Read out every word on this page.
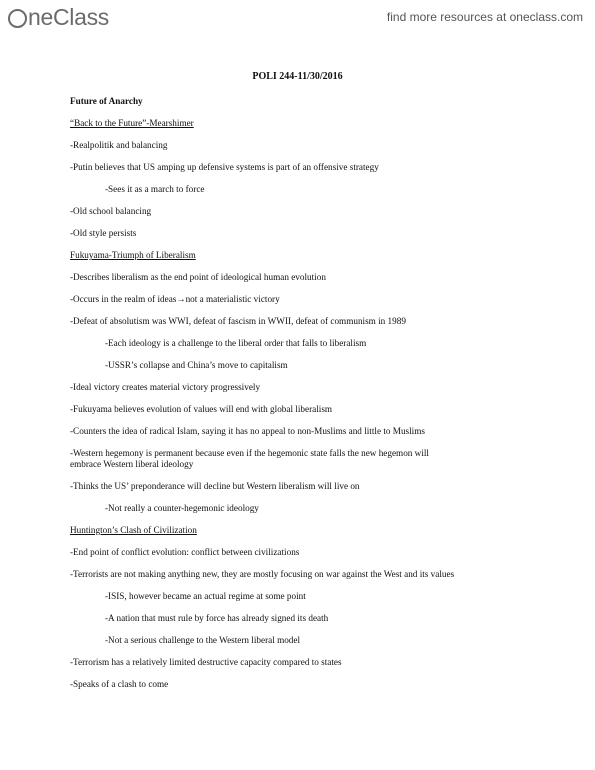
neClass	find more resources at oneclass.com
POLI 244-11/30/2016
Future of Anarchy
“Back to the Future”-Mearshimer
-Realpolitik and balancing
-Putin believes that US amping up defensive systems is part of an offensive strategy
-Sees it as a march to force
-Old school balancing
-Old style persists
Fukuyama-Triumph of Liberalism
-Describes liberalism as the end point of ideological human evolution
-Occurs in the realm of ideas→not a materialistic victory
-Defeat of absolutism was WWI, defeat of fascism in WWII, defeat of communism in 1989
-Each ideology is a challenge to the liberal order that falls to liberalism
-USSR’s collapse and China’s move to capitalism
-Ideal victory creates material victory progressively
-Fukuyama believes evolution of values will end with global liberalism
-Counters the idea of radical Islam, saying it has no appeal to non-Muslims and little to Muslims
-Western hegemony is permanent because even if the hegemonic state falls the new hegemon will
embrace Western liberal ideology
-Thinks the US’ preponderance will decline but Western liberalism will live on
-Not really a counter-hegemonic ideology
Huntington’s Clash of Civilization
-End point of conflict evolution: conflict between civilizations
-Terrorists are not making anything new, they are mostly focusing on war against the West and its values
-ISIS, however became an actual regime at some point
-A nation that must rule by force has already signed its death
-Not a serious challenge to the Western liberal model
-Terrorism has a relatively limited destructive capacity compared to states
-Speaks of a clash to come
